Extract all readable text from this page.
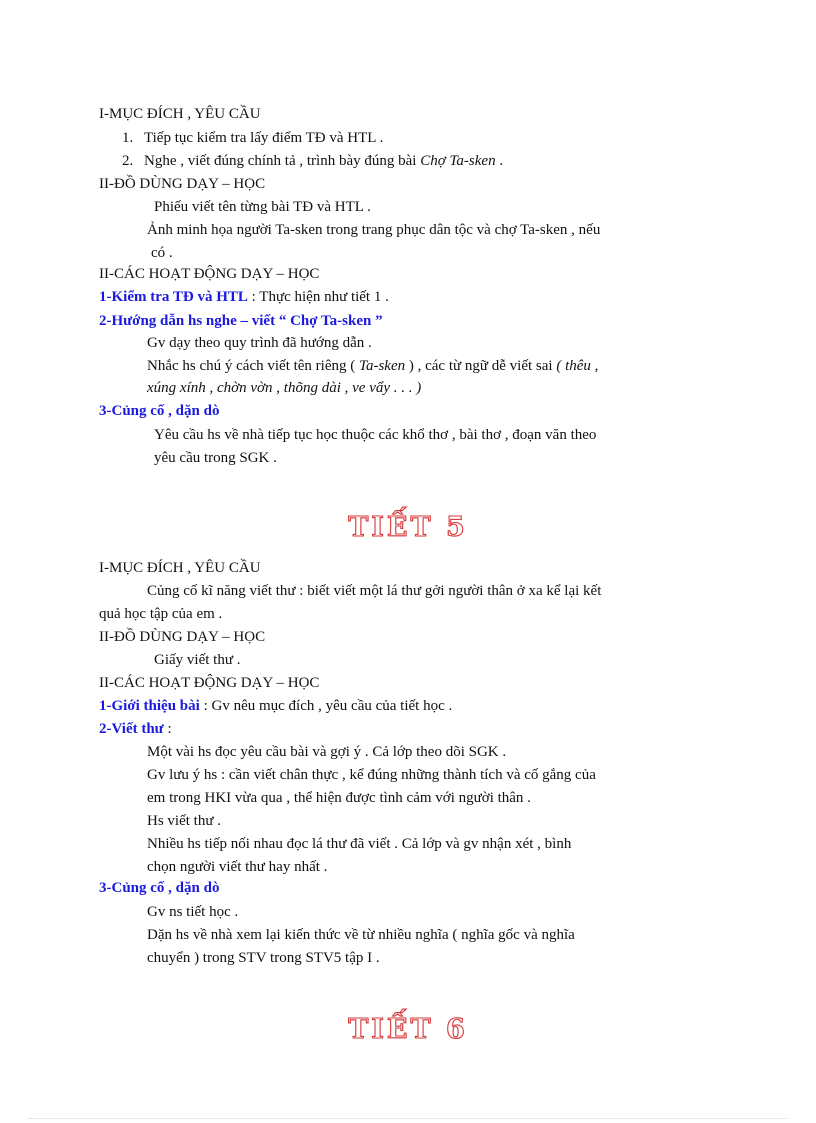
I-MỤC ĐÍCH , YÊU CẦU
1. Tiếp tục kiểm tra lấy điểm TĐ và HTL .
2. Nghe , viết đúng chính tả , trình bày đúng bài Chợ Ta-sken .
II-ĐỒ DÙNG DẠY – HỌC
Phiếu viết tên từng bài TĐ và HTL .
Ảnh minh họa người Ta-sken trong trang phục dân tộc và chợ Ta-sken , nếu
có .
II-CÁC HOẠT ĐỘNG DẠY – HỌC
1-Kiểm tra TĐ và HTL : Thực hiện như tiết 1 .
2-Hướng dẫn hs nghe – viết “ Chợ Ta-sken ”
Gv dạy theo quy trình đã hướng dẫn .
Nhắc hs chú ý cách viết tên riêng ( Ta-sken ) , các từ ngữ dễ viết sai ( thêu ,
xúng xính , chờn vờn , thõng dài , ve vẩy . . . )
3-Củng cố , dặn dò
Yêu cầu hs về nhà tiếp tục học thuộc các khổ thơ , bài thơ , đoạn văn theo
yêu cầu trong SGK .
TIẾT 5
I-MỤC ĐÍCH , YÊU CẦU
Củng cố kĩ năng viết thư : biết viết một lá thư gởi người thân ở xa kể lại kết
quả học tập của em .
II-ĐỒ DÙNG DẠY – HỌC
Giấy viết thư .
II-CÁC HOẠT ĐỘNG DẠY – HỌC
1-Giới thiệu bài : Gv nêu mục đích , yêu cầu của tiết học .
2-Viết thư :
Một vài hs đọc yêu cầu bài và gợi ý . Cả lớp theo dõi SGK .
Gv lưu ý hs : cần viết chân thực , kể đúng những thành tích và cố gắng của
em trong HKI vừa qua , thể hiện được tình cảm với người thân .
Hs viết thư .
Nhiều hs tiếp nối nhau đọc lá thư đã viết . Cả lớp và gv nhận xét , bình
chọn người viết thư hay nhất .
3-Củng cố , dặn dò
Gv ns tiết học .
Dặn hs về nhà xem lại kiến thức về từ nhiều nghĩa ( nghĩa gốc và nghĩa
chuyển ) trong STV trong STV5 tập I .
TIẾT 6
